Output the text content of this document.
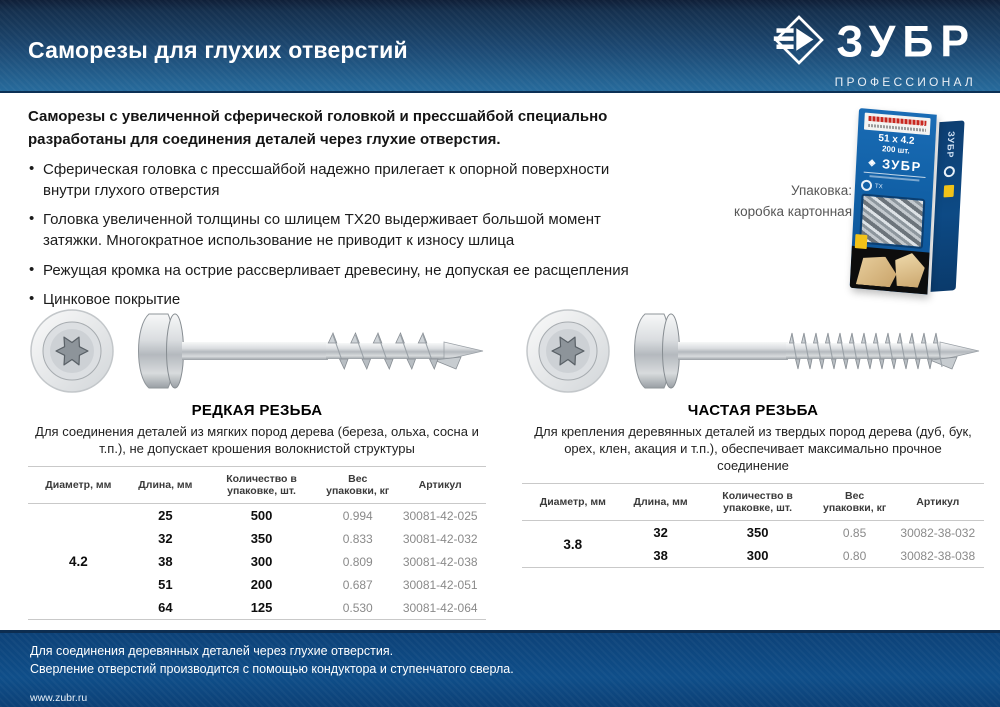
Саморезы для глухих отверстий	ЗУБР
ПРОФЕССИОНАЛ

Саморезы с увеличенной сферической головкой и прессшайбой специально разработаны для соединения деталей через глухие отверстия.

• Сферическая головка с прессшайбой надежно прилегает к опорной поверхности внутри глухого отверстия
• Головка увеличенной толщины со шлицем ТХ20 выдерживает большой момент затяжки. Многократное использование не приводит к износу шлица
• Режущая кромка на острие рассверливает древесину, не допуская ее расщепления
• Цинковое покрытие
Упаковка:
коробка картонная
ЗУБР
51 х 4.2
200 шт.
◈ ЗУБР
TX
РЕДКАЯ РЕЗЬБА

Для соединения деталей из мягких пород дерева (береза, ольха, сосна и т.п.), не допускает крошения волокнистой структуры

Диаметр, мм	Длина, мм	Количество в упаковке, шт.	Вес упаковки, кг	Артикул
4.2	25	500	0.994	30081-42-025
	32	350	0.833	30081-42-032
	38	300	0.809	30081-42-038
	51	200	0.687	30081-42-051
	64	125	0.530	30081-42-064
ЧАСТАЯ РЕЗЬБА

Для крепления деревянных деталей из твердых пород дерева (дуб, бук, орех, клен, акация и т.п.), обеспечивает максимально прочное соединение

Диаметр, мм	Длина, мм	Количество в упаковке, шт.	Вес упаковки, кг	Артикул
3.8	32	350	0.85	30082-38-032
	38	300	0.80	30082-38-038

Для соединения деревянных деталей через глухие отверстия.

Сверление отверстий производится с помощью кондуктора и ступенчатого сверла.

www.zubr.ru
